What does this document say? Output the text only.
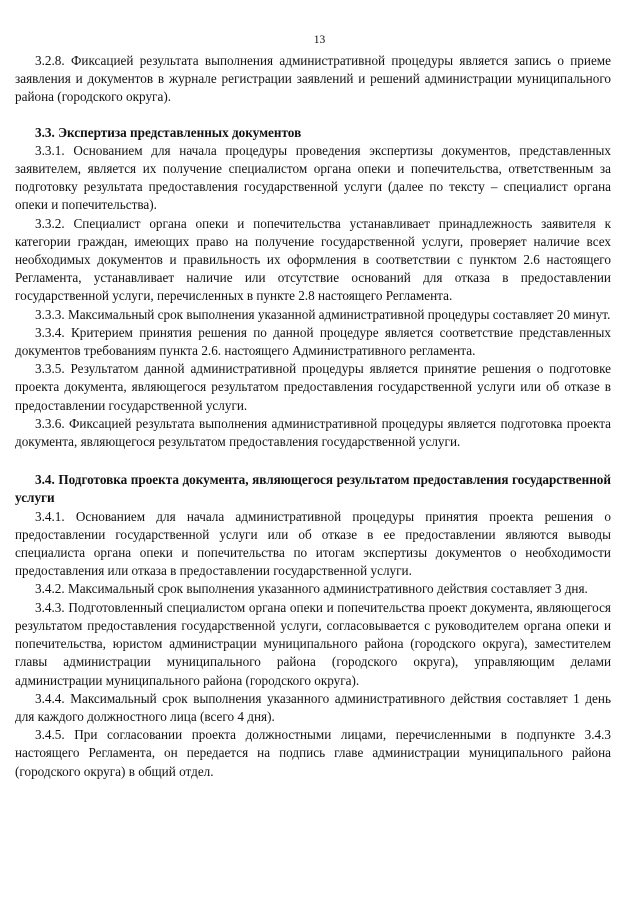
13

3.2.8. Фиксацией результата выполнения административной процедуры является запись о приеме заявления и документов в журнале регистрации заявлений и решений администрации муниципального района (городского округа).

3.3. Экспертиза представленных документов

3.3.1. Основанием для начала процедуры проведения экспертизы документов, представленных заявителем, является их получение специалистом органа опеки и попечительства, ответственным за подготовку результата предоставления государственной услуги (далее по тексту – специалист органа опеки и попечительства).

3.3.2. Специалист органа опеки и попечительства устанавливает принадлежность заявителя к категории граждан, имеющих право на получение государственной услуги, проверяет наличие всех необходимых документов и правильность их оформления в соответствии с пунктом 2.6 настоящего Регламента, устанавливает наличие или отсутствие оснований для отказа в предоставлении государственной услуги, перечисленных в пункте 2.8 настоящего Регламента.

3.3.3. Максимальный срок выполнения указанной административной процедуры составляет 20 минут.

3.3.4. Критерием принятия решения по данной процедуре является соответствие представленных документов требованиям пункта 2.6. настоящего Административного регламента.

3.3.5. Результатом данной административной процедуры является принятие решения о подготовке проекта документа, являющегося результатом предоставления государственной услуги или об отказе в предоставлении государственной услуги.

3.3.6. Фиксацией результата выполнения административной процедуры является подготовка проекта документа, являющегося результатом предоставления государственной услуги.

3.4. Подготовка проекта документа, являющегося результатом предоставления государственной услуги

3.4.1. Основанием для начала административной процедуры принятия проекта решения о предоставлении государственной услуги или об отказе в ее предоставлении являются выводы специалиста органа опеки и попечительства по итогам экспертизы документов о необходимости предоставления или отказа в предоставлении государственной услуги.

3.4.2. Максимальный срок выполнения указанного административного действия составляет 3 дня.

3.4.3. Подготовленный специалистом органа опеки и попечительства проект документа, являющегося результатом предоставления государственной услуги, согласовывается с руководителем органа опеки и попечительства, юристом администрации муниципального района (городского округа), заместителем главы администрации муниципального района (городского округа), управляющим делами администрации муниципального района (городского округа).

3.4.4. Максимальный срок выполнения указанного административного действия составляет 1 день для каждого должностного лица (всего 4 дня).

3.4.5. При согласовании проекта должностными лицами, перечисленными в подпункте 3.4.3 настоящего Регламента, он передается на подпись главе администрации муниципального района (городского округа) в общий отдел.
